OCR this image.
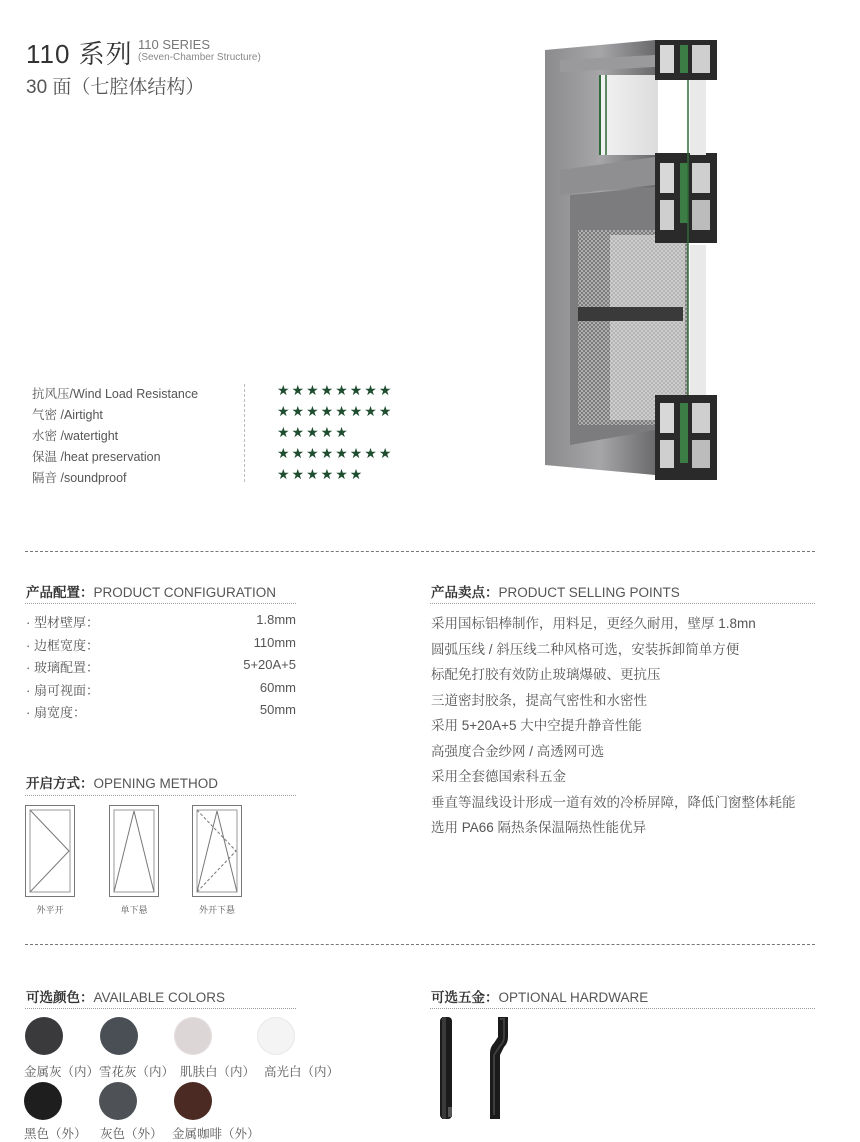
110 系列 110 SERIES
(Seven-Chamber Structure)
30 面（七腔体结构）
抗风压/Wind Load Resistance	★★★★★★★★
气密 /Airtight	★★★★★★★★
水密 /watertight	★★★★★
保温 /heat preservation	★★★★★★★★
隔音 /soundproof	★★★★★★
产品配置：PRODUCT CONFIGURATION
· 型材壁厚：	1.8mm
· 边框宽度：	110mm
· 玻璃配置：	5+20A+5
· 扇可视面：	60mm
· 扇宽度：	50mm
产品卖点：PRODUCT SELLING POINTS
采用国标铝棒制作，用料足，更经久耐用，壁厚 1.8mn
圆弧压线 / 斜压线二种风格可选，安装拆卸简单方便
标配免打胶有效防止玻璃爆破、更抗压
三道密封胶条，提高气密性和水密性
采用 5+20A+5 大中空提升静音性能
高强度合金纱网 / 高透网可选
采用全套德国索科五金
垂直等温线设计形成一道有效的冷桥屏障，降低门窗整体耗能
选用 PA66 隔热条保温隔热性能优异
开启方式：OPENING METHOD
外平开	单下悬	外开下悬
可选颜色：AVAILABLE COLORS
金属灰（内） 雪花灰（内） 肌肤白（内） 高光白（内）
黑色（外） 灰色（外） 金属咖啡（外）
可选五金：OPTIONAL HARDWARE
